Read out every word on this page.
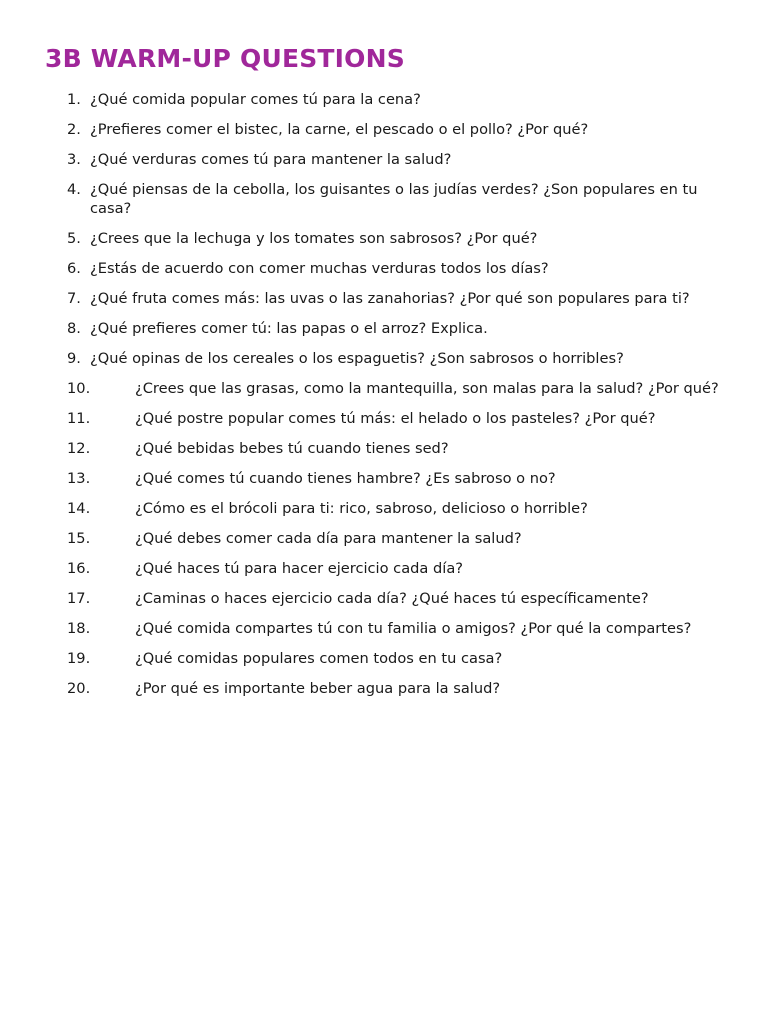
3B WARM-UP QUESTIONS
1. ¿Qué comida popular comes tú para la cena?
2. ¿Prefieres comer el bistec, la carne, el pescado o el pollo? ¿Por qué?
3. ¿Qué verduras comes tú para mantener la salud?
4. ¿Qué piensas de la cebolla, los guisantes o las judías verdes? ¿Son populares en tu casa?
5. ¿Crees que la lechuga y los tomates son sabrosos? ¿Por qué?
6. ¿Estás de acuerdo con comer muchas verduras todos los días?
7. ¿Qué fruta comes más: las uvas o las zanahorias? ¿Por qué son populares para ti?
8. ¿Qué prefieres comer tú: las papas o el arroz? Explica.
9. ¿Qué opinas de los cereales o los espaguetis? ¿Son sabrosos o horribles?
10.	¿Crees que las grasas, como la mantequilla, son malas para la salud? ¿Por qué?
11.	¿Qué postre popular comes tú más: el helado o los pasteles? ¿Por qué?
12.	¿Qué bebidas bebes tú cuando tienes sed?
13.	¿Qué comes tú cuando tienes hambre? ¿Es sabroso o no?
14.	¿Cómo es el brócoli para ti: rico, sabroso, delicioso o horrible?
15.	¿Qué debes comer cada día para mantener la salud?
16.	¿Qué haces tú para hacer ejercicio cada día?
17.	¿Caminas o haces ejercicio cada día? ¿Qué haces tú específicamente?
18.	¿Qué comida compartes tú con tu familia o amigos? ¿Por qué la compartes?
19.	¿Qué comidas populares comen todos en tu casa?
20.	¿Por qué es importante beber agua para la salud?
